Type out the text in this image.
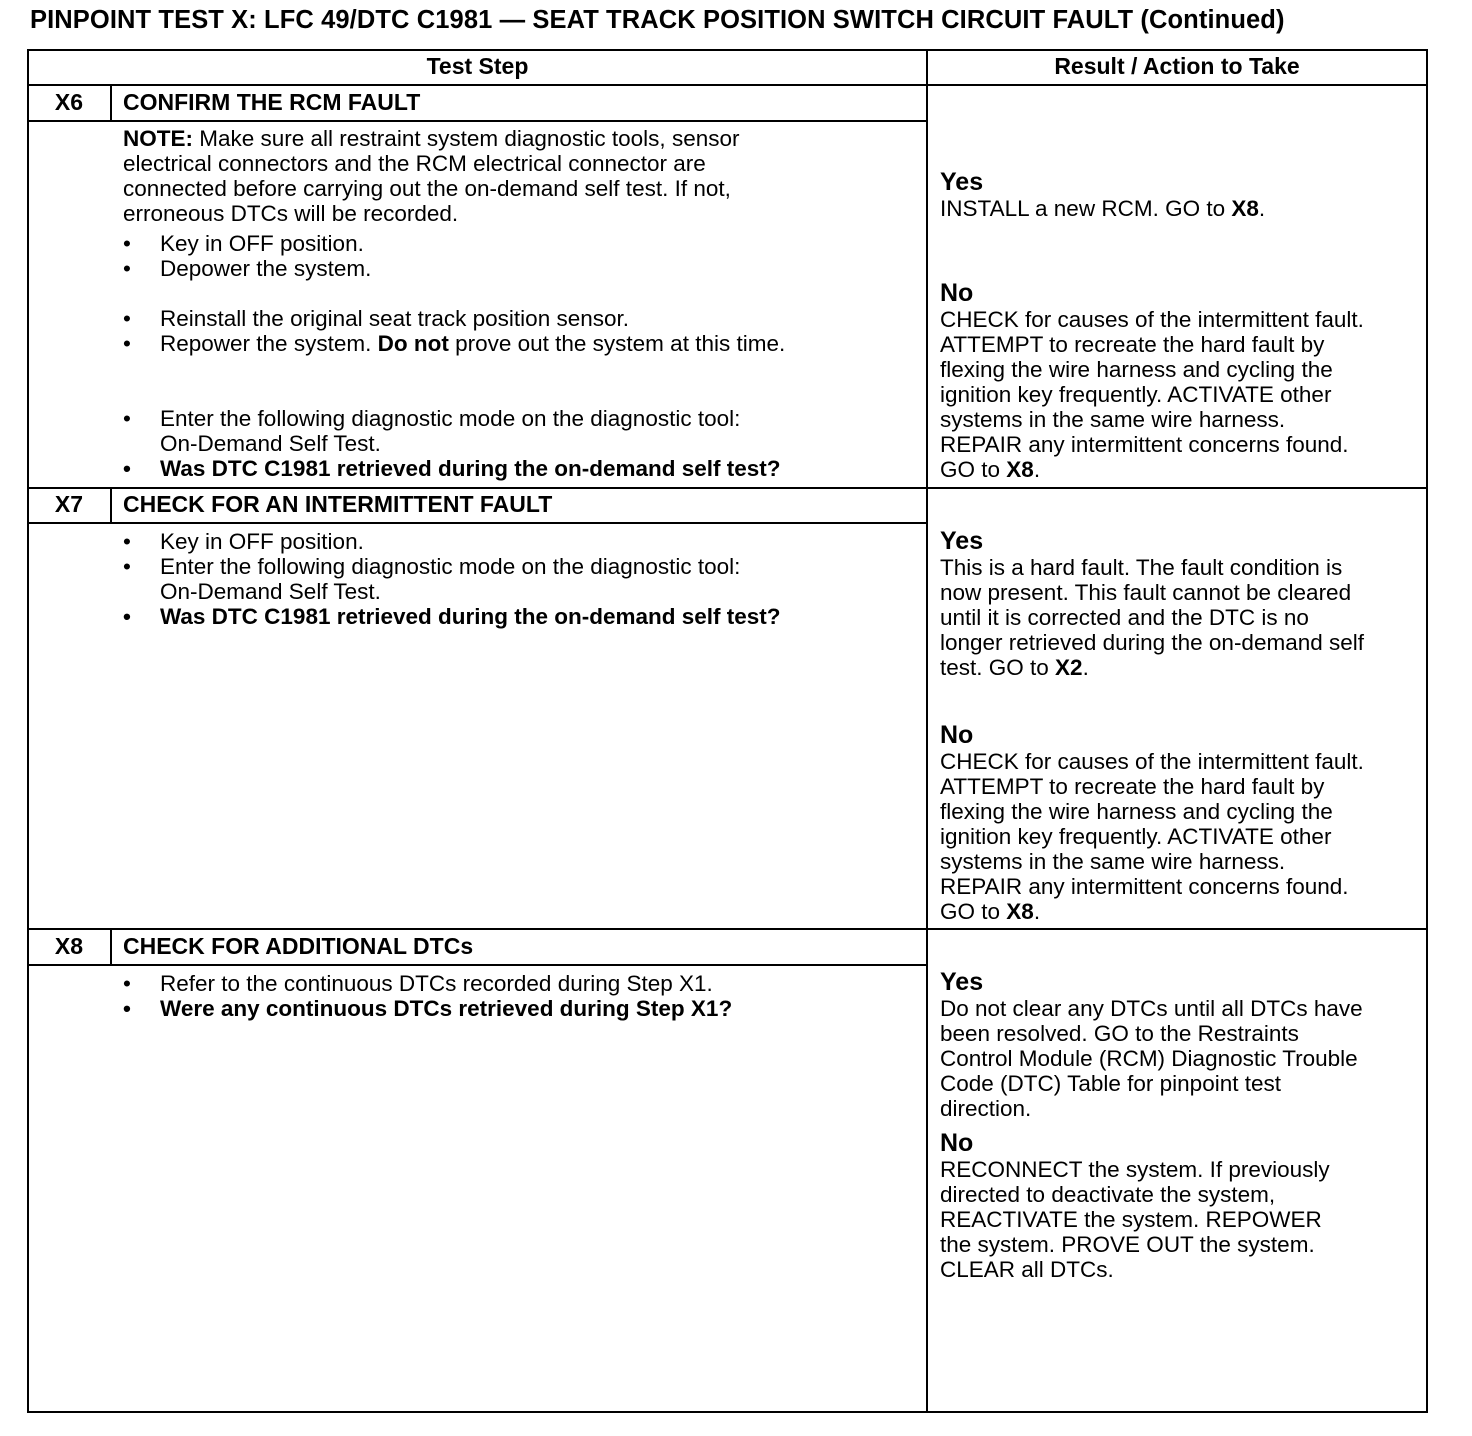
PINPOINT TEST X: LFC 49/DTC C1981 — SEAT TRACK POSITION SWITCH CIRCUIT FAULT (Continued)
Test Step	Result / Action to Take
X6	CONFIRM THE RCM FAULT
NOTE: Make sure all restraint system diagnostic tools, sensor
electrical connectors and the RCM electrical connector are
connected before carrying out the on-demand self test. If not,
erroneous DTCs will be recorded.
• Key in OFF position.
• Depower the system.
• Reinstall the original seat track position sensor.
• Repower the system. Do not prove out the system at this time.
• Enter the following diagnostic mode on the diagnostic tool:
On-Demand Self Test.
• Was DTC C1981 retrieved during the on-demand self test?
Yes
INSTALL a new RCM. GO to X8.
No
CHECK for causes of the intermittent fault.
ATTEMPT to recreate the hard fault by
flexing the wire harness and cycling the
ignition key frequently. ACTIVATE other
systems in the same wire harness.
REPAIR any intermittent concerns found.
GO to X8.
X7	CHECK FOR AN INTERMITTENT FAULT
• Key in OFF position.
• Enter the following diagnostic mode on the diagnostic tool:
On-Demand Self Test.
• Was DTC C1981 retrieved during the on-demand self test?
Yes
This is a hard fault. The fault condition is
now present. This fault cannot be cleared
until it is corrected and the DTC is no
longer retrieved during the on-demand self
test. GO to X2.
No
CHECK for causes of the intermittent fault.
ATTEMPT to recreate the hard fault by
flexing the wire harness and cycling the
ignition key frequently. ACTIVATE other
systems in the same wire harness.
REPAIR any intermittent concerns found.
GO to X8.
X8	CHECK FOR ADDITIONAL DTCs
• Refer to the continuous DTCs recorded during Step X1.
• Were any continuous DTCs retrieved during Step X1?
Yes
Do not clear any DTCs until all DTCs have
been resolved. GO to the Restraints
Control Module (RCM) Diagnostic Trouble
Code (DTC) Table for pinpoint test
direction.
No
RECONNECT the system. If previously
directed to deactivate the system,
REACTIVATE the system. REPOWER
the system. PROVE OUT the system.
CLEAR all DTCs.
